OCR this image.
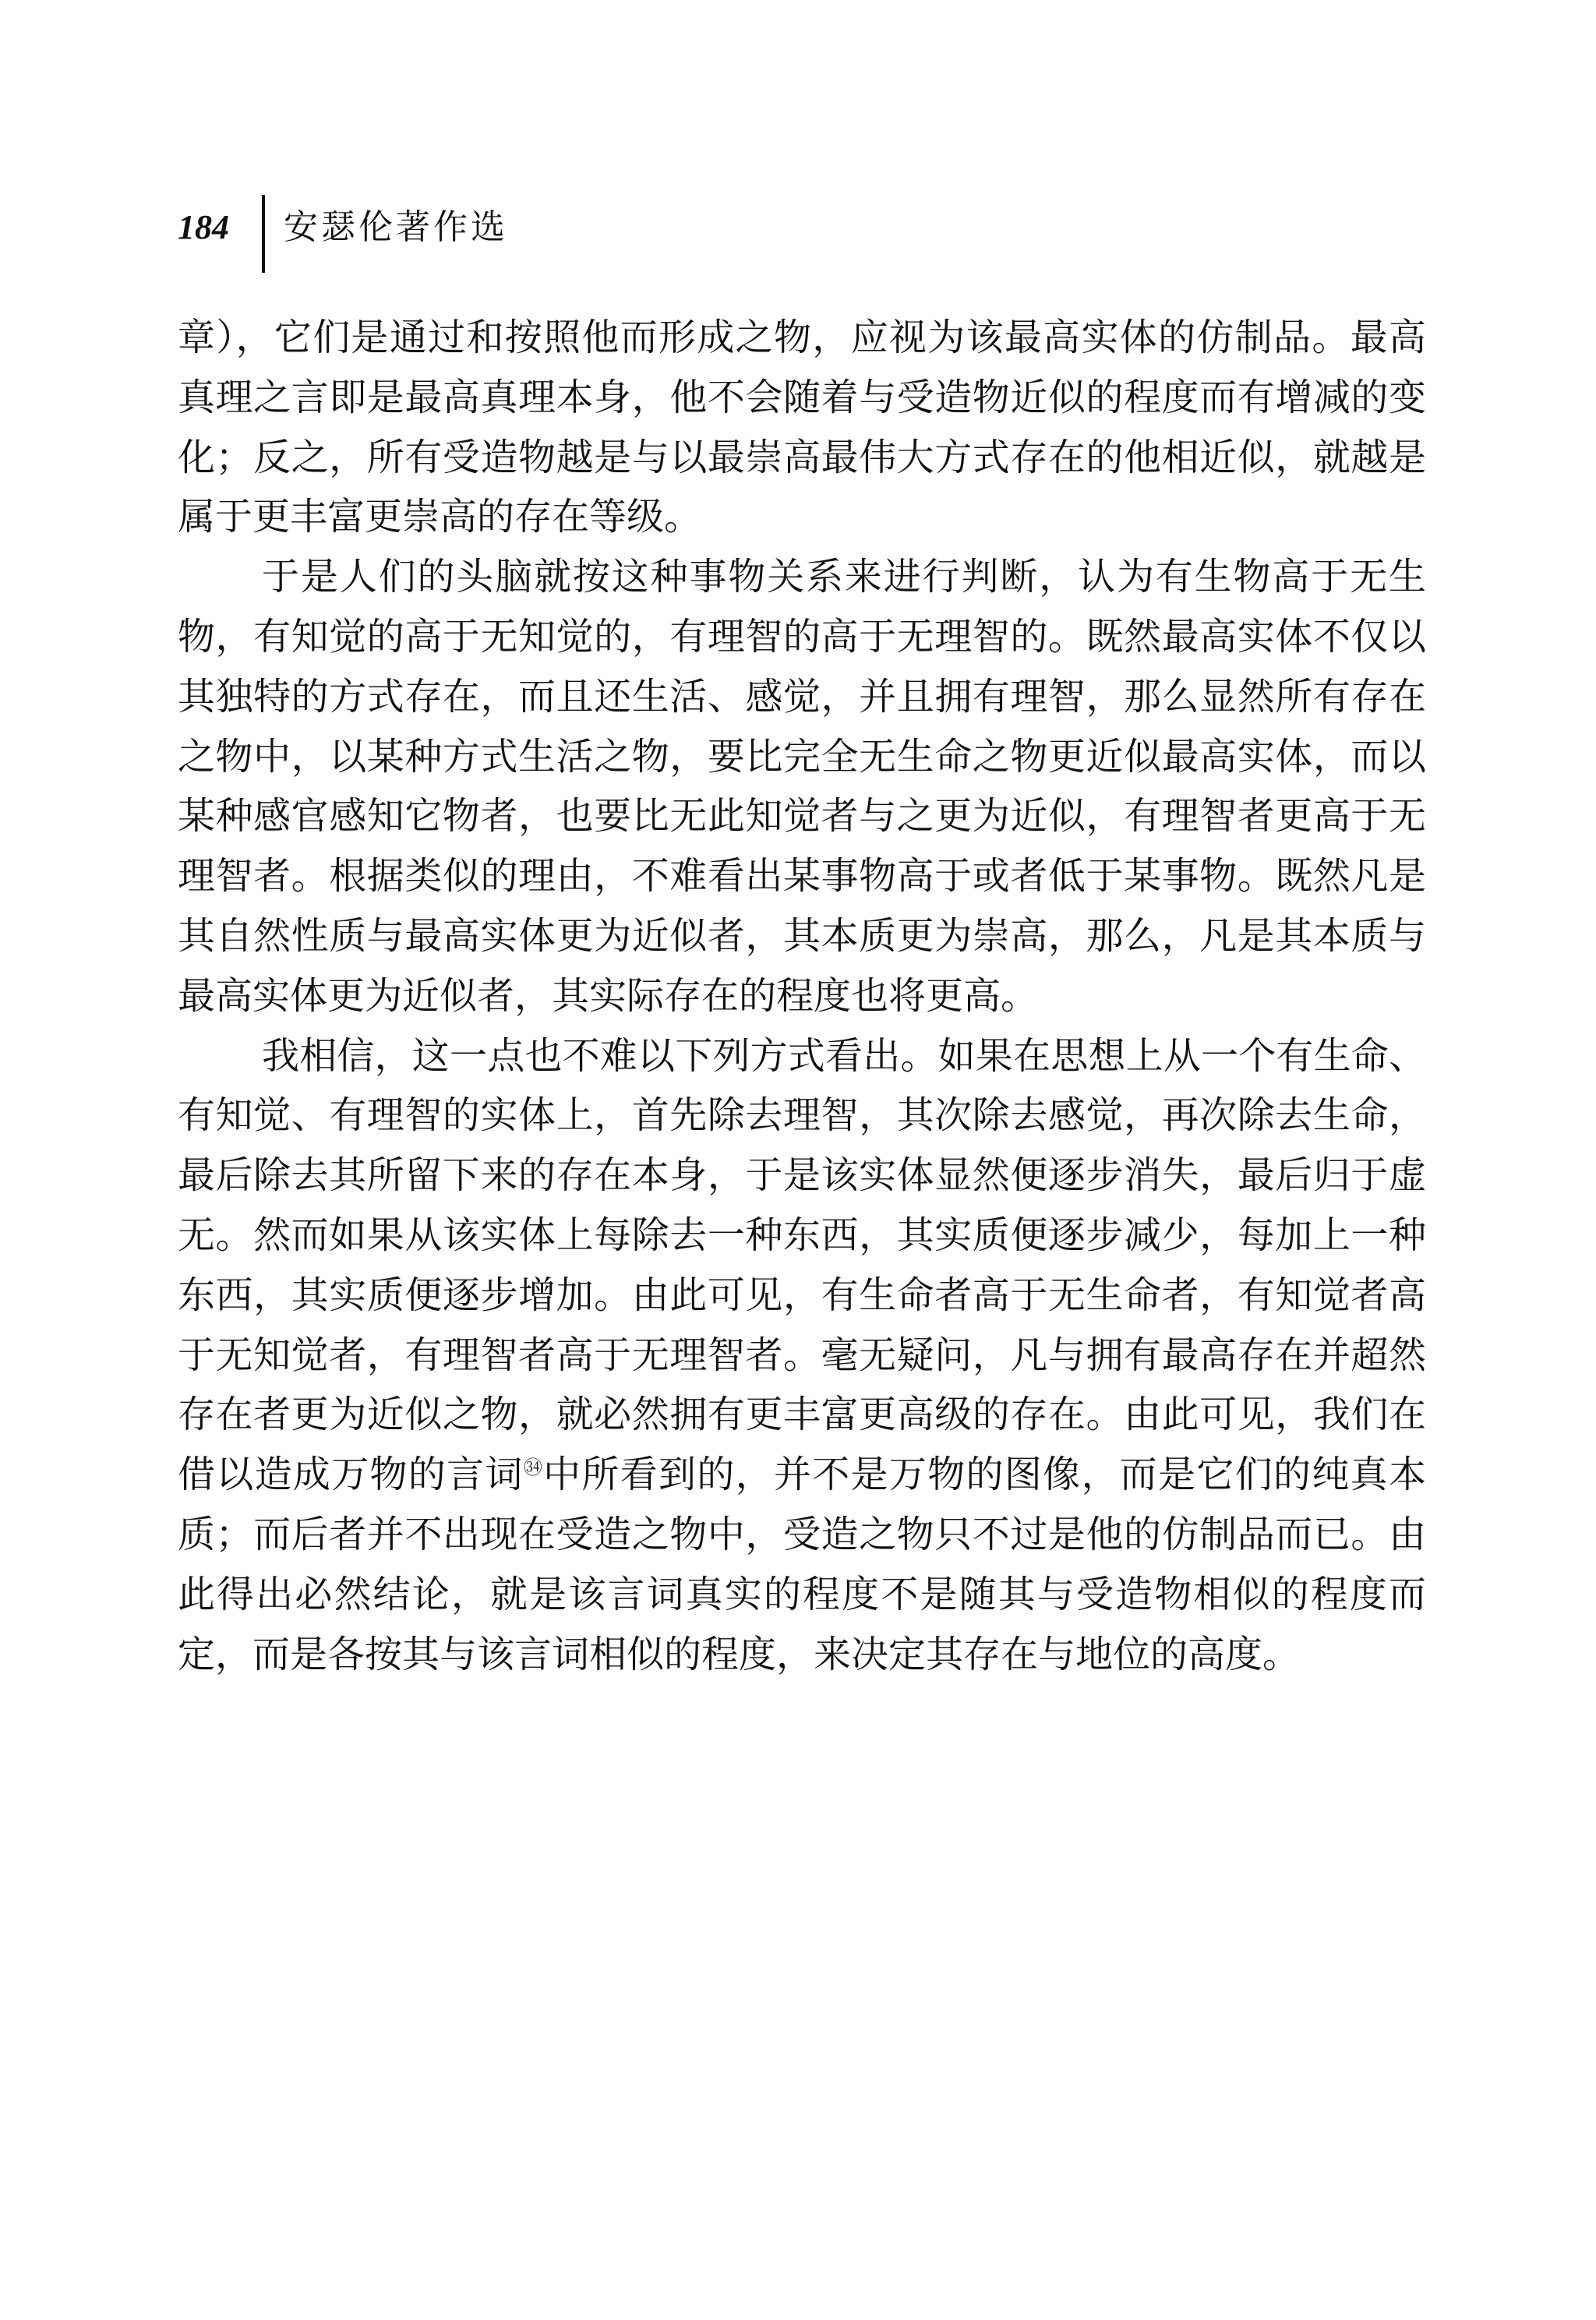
184 安瑟伦著作选

章），它们是通过和按照他而形成之物，应视为该最高实体的仿制品。最高真理之言即是最高真理本身，他不会随着与受造物近似的程度而有增减的变化；反之，所有受造物越是与以最崇高最伟大方式存在的他相近似，就越是属于更丰富更崇高的存在等级。

于是人们的头脑就按这种事物关系来进行判断，认为有生物高于无生物，有知觉的高于无知觉的，有理智的高于无理智的。既然最高实体不仅以其独特的方式存在，而且还生活、感觉，并且拥有理智，那么显然所有存在之物中，以某种方式生活之物，要比完全无生命之物更近似最高实体，而以某种感官感知它物者，也要比无此知觉者与之更为近似，有理智者更高于无理智者。根据类似的理由，不难看出某事物高于或者低于某事物。既然凡是其自然性质与最高实体更为近似者，其本质更为崇高，那么，凡是其本质与最高实体更为近似者，其实际存在的程度也将更高。

我相信，这一点也不难以下列方式看出。如果在思想上从一个有生命、有知觉、有理智的实体上，首先除去理智，其次除去感觉，再次除去生命，最后除去其所留下来的存在本身，于是该实体显然便逐步消失，最后归于虚无。然而如果从该实体上每除去一种东西，其实质便逐步减少，每加上一种东西，其实质便逐步增加。由此可见，有生命者高于无生命者，有知觉者高于无知觉者，有理智者高于无理智者。毫无疑问，凡与拥有最高存在并超然存在者更为近似之物，就必然拥有更丰富更高级的存在。由此可见，我们在借以造成万物的言词$^㉞$中所看到的，并不是万物的图像，而是它们的纯真本质；而后者并不出现在受造之物中，受造之物只不过是他的仿制品而已。由此得出必然结论，就是该言词真实的程度不是随其与受造物相似的程度而定，而是各按其与该言词相似的程度，来决定其存在与地位的高度。
